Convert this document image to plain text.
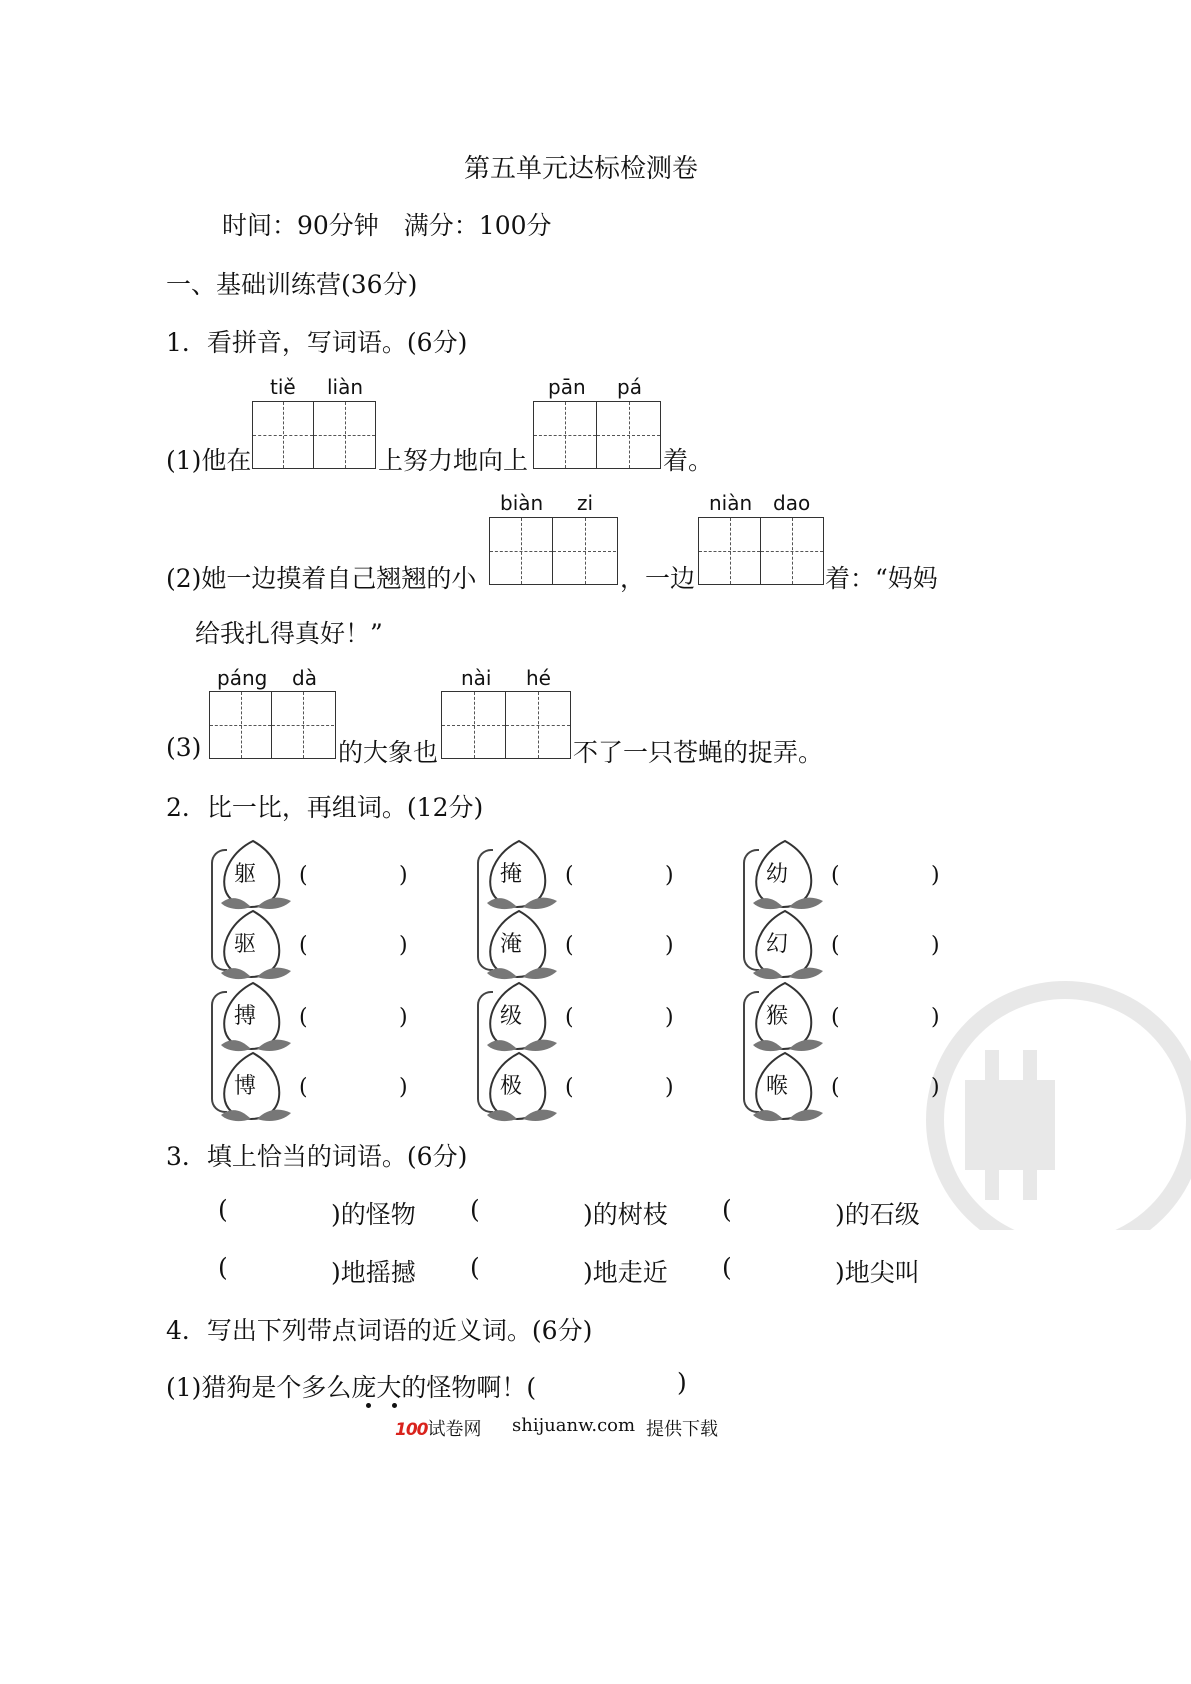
第五单元达标检测卷
时间：90分钟　满分：100分
一、基础训练营(36分)
1．看拼音，写词语。(6分)
tiě liàn	pān pá
(1)他在	上努力地向上	着。
biàn zi	niàn dao
(2)她一边摸着自己翘翘的小	，一边	着：“妈妈
给我扎得真好！”
páng dà	nài hé
(3)	的大象也	不了一只苍蝇的捉弄。
2．比一比，再组词。(12分)
躯	(	)
驱	(	)
掩	(	)
淹	(	)
幼	(	)
幻	(	)
搏	(	)
博	(	)
级	(	)
极	(	)
猴	(	)
喉	(	)
3．填上恰当的词语。(6分)
(	)的怪物 (	)的树枝 (	)的石级
(	)地摇撼 (	)地走近 (	)地尖叫
4．写出下列带点词语的近义词。(6分)
(1)猎狗是个多么庞大的怪物啊！(	)
100试卷网 shijuanw.com 提供下载
